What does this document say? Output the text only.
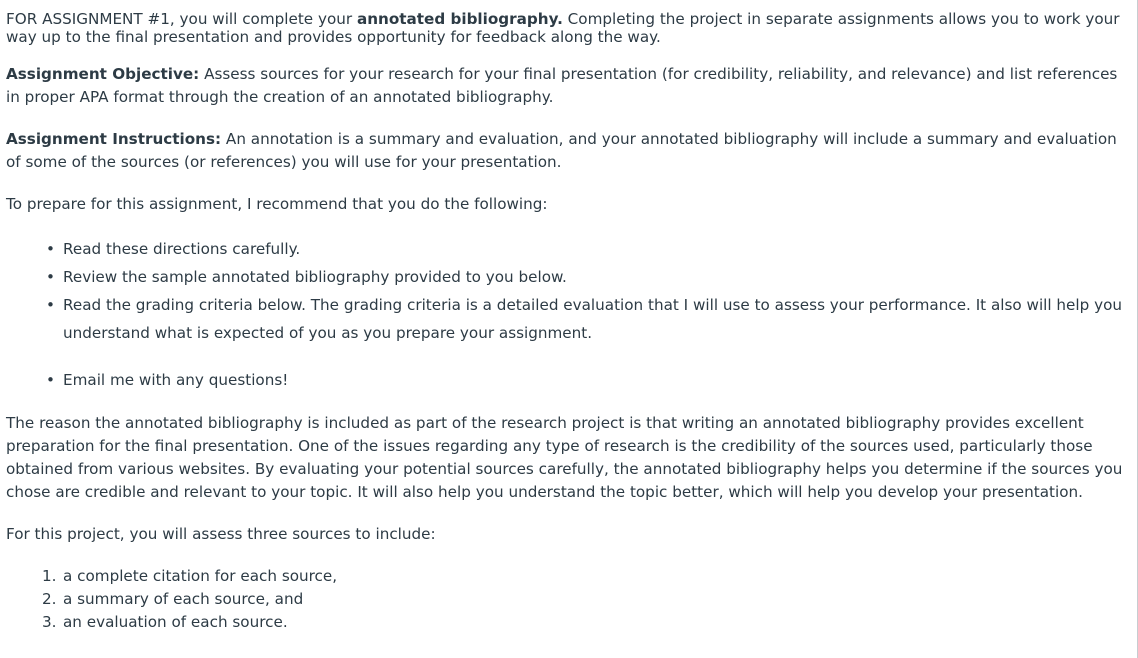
FOR ASSIGNMENT #1, you will complete your annotated bibliography. Completing the project in separate assignments allows you to work your way up to the final presentation and provides opportunity for feedback along the way.

Assignment Objective: Assess sources for your research for your final presentation (for credibility, reliability, and relevance) and list references in proper APA format through the creation of an annotated bibliography.

Assignment Instructions: An annotation is a summary and evaluation, and your annotated bibliography will include a summary and evaluation of some of the sources (or references) you will use for your presentation.

To prepare for this assignment, I recommend that you do the following:

• Read these directions carefully.
• Review the sample annotated bibliography provided to you below.
• Read the grading criteria below. The grading criteria is a detailed evaluation that I will use to assess your performance. It also will help you understand what is expected of you as you prepare your assignment.
• Email me with any questions!

The reason the annotated bibliography is included as part of the research project is that writing an annotated bibliography provides excellent preparation for the final presentation. One of the issues regarding any type of research is the credibility of the sources used, particularly those obtained from various websites. By evaluating your potential sources carefully, the annotated bibliography helps you determine if the sources you chose are credible and relevant to your topic. It will also help you understand the topic better, which will help you develop your presentation.

For this project, you will assess three sources to include:

1. a complete citation for each source,
2. a summary of each source, and
3. an evaluation of each source.
